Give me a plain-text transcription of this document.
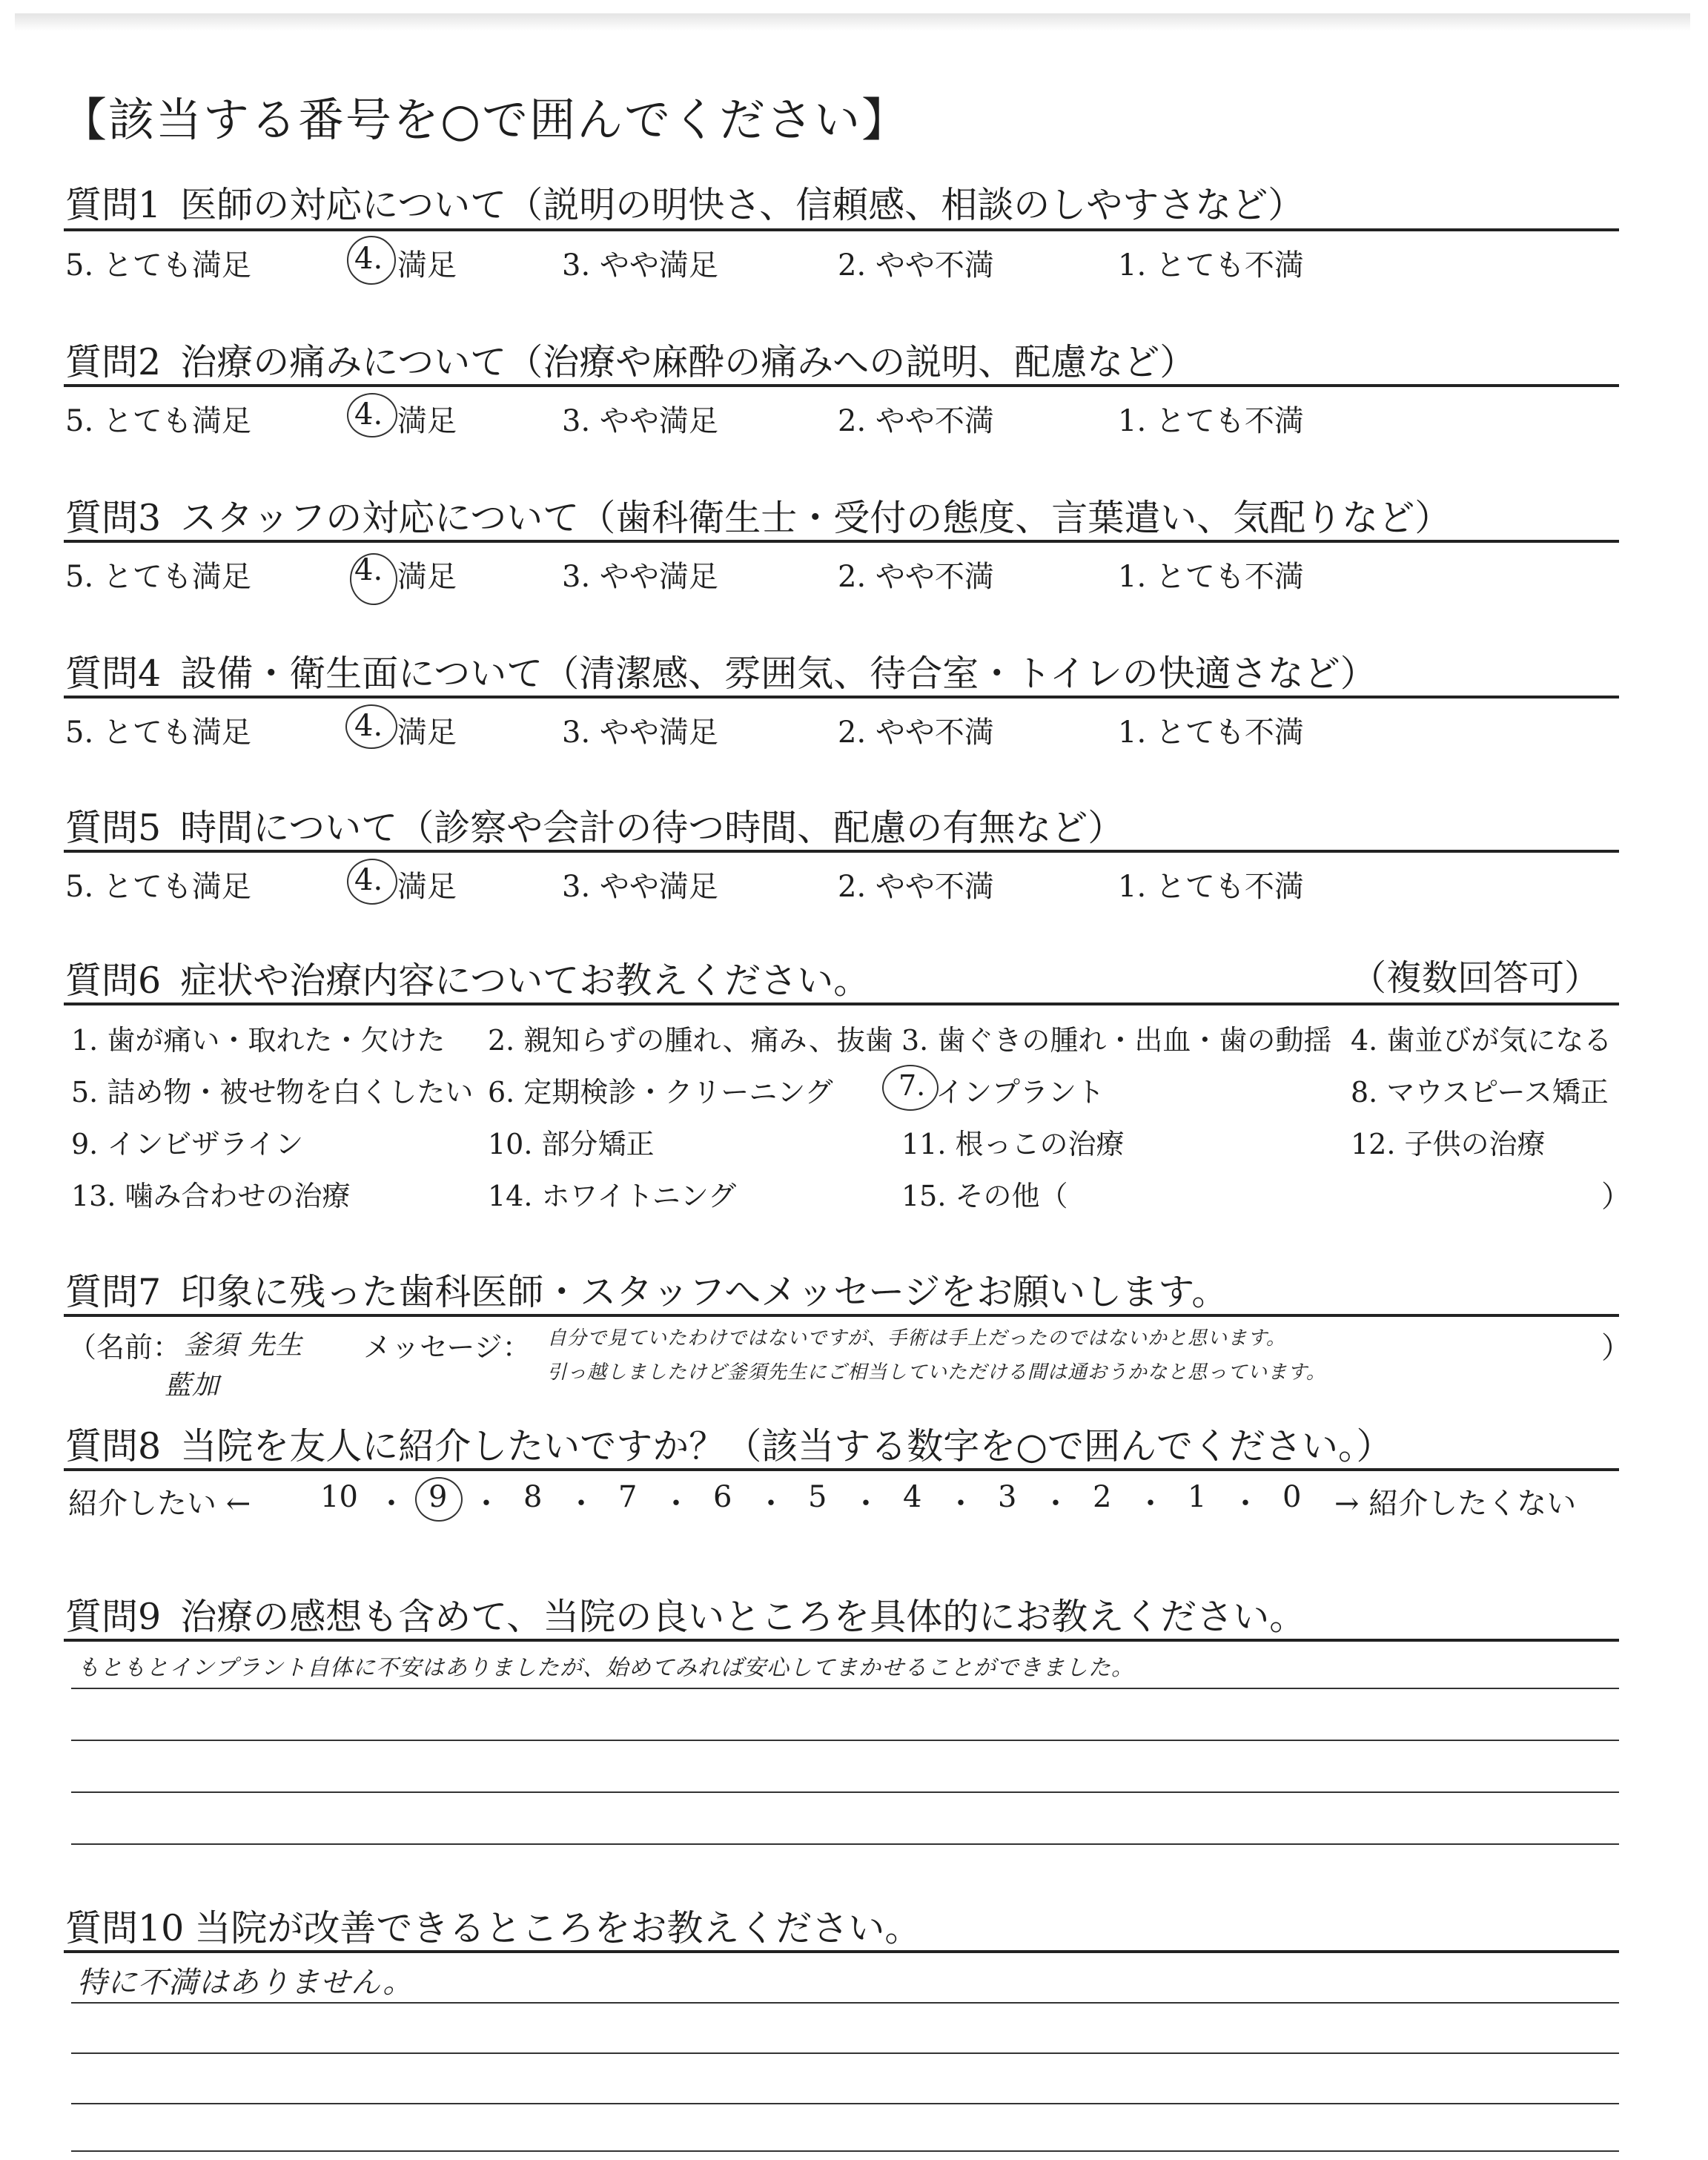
【該当する番号を○で囲んでください】
質問1 医師の対応について（説明の明快さ、信頼感、相談のしやすさなど）
5. とても満足	4. 満足	3. やや満足	2. やや不満	1. とても不満
質問2 治療の痛みについて（治療や麻酔の痛みへの説明、配慮など）
5. とても満足	4. 満足	3. やや満足	2. やや不満	1. とても不満
質問3 スタッフの対応について（歯科衛生士・受付の態度、言葉遣い、気配りなど）
5. とても満足	4. 満足	3. やや満足	2. やや不満	1. とても不満
質問4 設備・衛生面について（清潔感、雰囲気、待合室・トイレの快適さなど）
5. とても満足	4. 満足	3. やや満足	2. やや不満	1. とても不満
質問5 時間について（診察や会計の待つ時間、配慮の有無など）
5. とても満足	4. 満足	3. やや満足	2. やや不満	1. とても不満
質問6 症状や治療内容についてお教えください。	（複数回答可）
1. 歯が痛い・取れた・欠けた 2. 親知らずの腫れ、痛み、抜歯 3. 歯ぐきの腫れ・出血・歯の動揺 4. 歯並びが気になる
5. 詰め物・被せ物を白くしたい 6. 定期検診・クリーニング 7. インプラント	8. マウスピース矯正
9. インビザライン	10. 部分矯正	11. 根っこの治療	12. 子供の治療
13. 噛み合わせの治療	14. ホワイトニング	15. その他（	）
質問7 印象に残った歯科医師・スタッフへメッセージをお願いします。
（名前： 釜須 先生
藍加
メッセージ： 自分で見ていたわけではないですが、手術は手上だったのではないかと思います。
引っ越しましたけど釜須先生にご相当していただける間は通おうかなと思っています。
）
質問8 当院を友人に紹介したいですか？（該当する数字を○で囲んでください。）
紹介したい ← 10 ・ 9 ・ 8 ・ 7 ・ 6 ・ 5 ・ 4 ・ 3 ・ 2 ・ 1 ・ 0 → 紹介したくない
質問9 治療の感想も含めて、当院の良いところを具体的にお教えください。
もともとインプラント自体に不安はありましたが、始めてみれば安心してまかせることができました。
質問10 当院が改善できるところをお教えください。
特に不満はありません。
